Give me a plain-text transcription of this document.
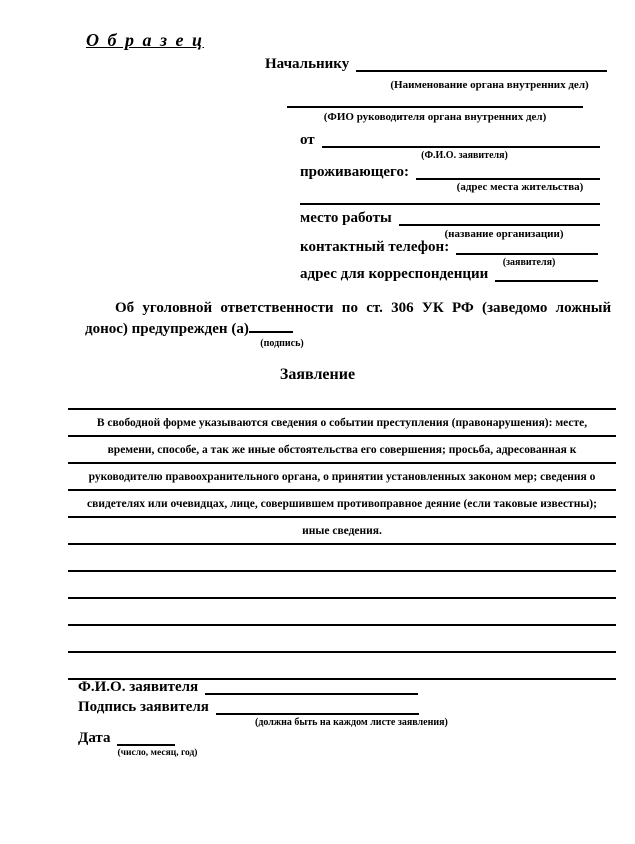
О б р а з е ц
Начальнику
(Наименование органа внутренних дел)
(ФИО руководителя органа внутренних дел)
от
(Ф.И.О. заявителя)
проживающего:
(адрес места жительства)
место работы
(название организации)
контактный телефон:
(заявителя)
адрес для корреспонденции
Об уголовной ответственности по ст. 306 УК РФ (заведомо ложный
донос) предупрежден (а)
(подпись)
Заявление
В свободной форме указываются сведения о событии преступления (правонарушения): месте,
времени, способе, а так же иные обстоятельства его совершения; просьба, адресованная к
руководителю правоохранительного органа, о принятии установленных законом мер; сведения о
свидетелях или очевидцах, лице, совершившем противоправное деяние (если таковые известны);
иные сведения.
Ф.И.О. заявителя
Подпись заявителя
(должна быть на каждом листе заявления)
Дата
(число, месяц, год)
